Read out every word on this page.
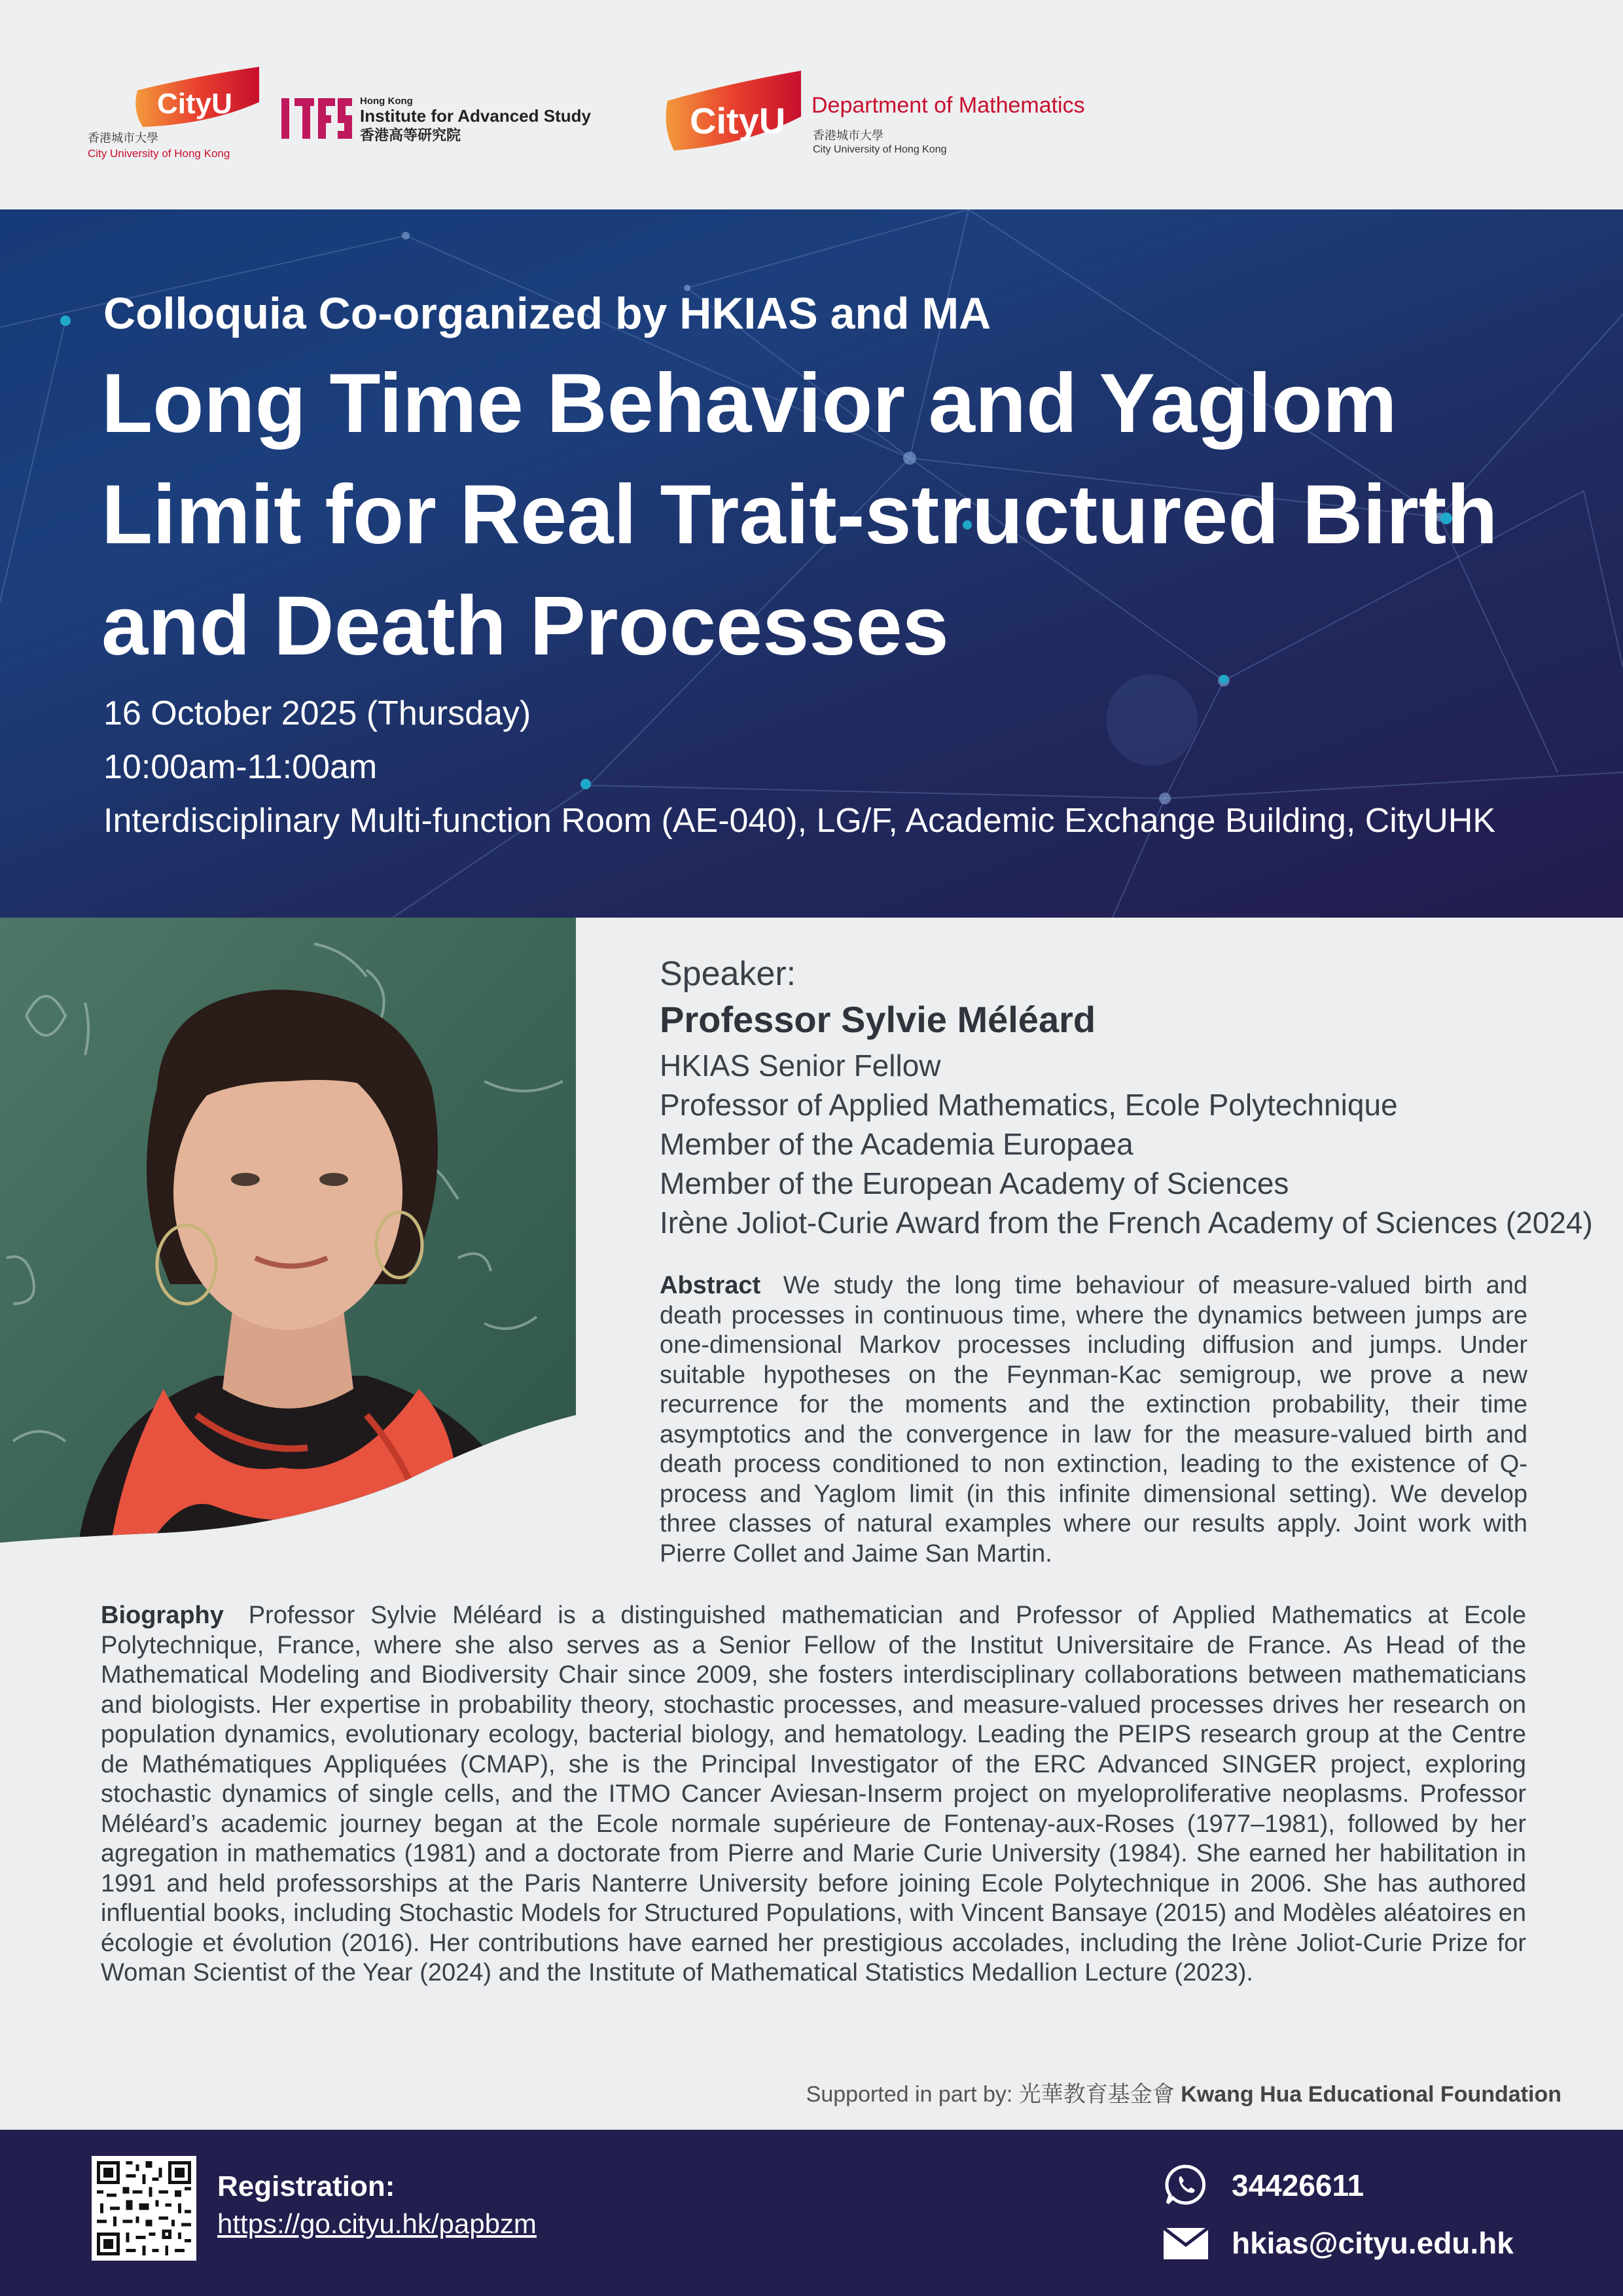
CityU
香港城市大學
City University of Hong Kong
Hong Kong
Institute for Advanced Study
香港高等研究院	CityU Department of Mathematics
香港城市大學
City University of Hong Kong
Colloquia Co-organized by HKIAS and MA
Long Time Behavior and Yaglom Limit for Real Trait-structured Birth and Death Processes
16 October 2025 (Thursday)
10:00am-11:00am
Interdisciplinary Multi-function Room (AE-040), LG/F, Academic Exchange Building, CityUHK
Speaker:
Professor Sylvie Méléard
HKIAS Senior Fellow
Professor of Applied Mathematics, Ecole Polytechnique
Member of the Academia Europaea
Member of the European Academy of Sciences
Irène Joliot-Curie Award from the French Academy of Sciences (2024)
Abstract We study the long time behaviour of measure-valued birth and death processes in continuous time, where the dynamics between jumps are one-dimensional Markov processes including diffusion and jumps. Under suitable hypotheses on the Feynman-Kac semigroup, we prove a new recurrence for the moments and the extinction probability, their time asymptotics and the convergence in law for the measure-valued birth and death process conditioned to non extinction, leading to the existence of Q-process and Yaglom limit (in this infinite dimensional setting). We develop three classes of natural examples where our results apply. Joint work with Pierre Collet and Jaime San Martin.
Biography Professor Sylvie Méléard is a distinguished mathematician and Professor of Applied Mathematics at Ecole Polytechnique, France, where she also serves as a Senior Fellow of the Institut Universitaire de France. As Head of the Mathematical Modeling and Biodiversity Chair since 2009, she fosters interdisciplinary collaborations between mathematicians and biologists. Her expertise in probability theory, stochastic processes, and measure-valued processes drives her research on population dynamics, evolutionary ecology, bacterial biology, and hematology. Leading the PEIPS research group at the Centre de Mathématiques Appliquées (CMAP), she is the Principal Investigator of the ERC Advanced SINGER project, exploring stochastic dynamics of single cells, and the ITMO Cancer Aviesan-Inserm project on myeloproliferative neoplasms. Professor Méléard’s academic journey began at the Ecole normale supérieure de Fontenay-aux-Roses (1977–1981), followed by her agregation in mathematics (1981) and a doctorate from Pierre and Marie Curie University (1984). She earned her habilitation in 1991 and held professorships at the Paris Nanterre University before joining Ecole Polytechnique in 2006. She has authored influential books, including Stochastic Models for Structured Populations, with Vincent Bansaye (2015) and Modèles aléatoires en écologie et évolution (2016). Her contributions have earned her prestigious accolades, including the Irène Joliot-Curie Prize for Woman Scientist of the Year (2024) and the Institute of Mathematical Statistics Medallion Lecture (2023).
Supported in part by: 光華教育基金會 Kwang Hua Educational Foundation
Registration:
https://go.cityu.hk/papbzm
34426611
hkias@cityu.edu.hk
